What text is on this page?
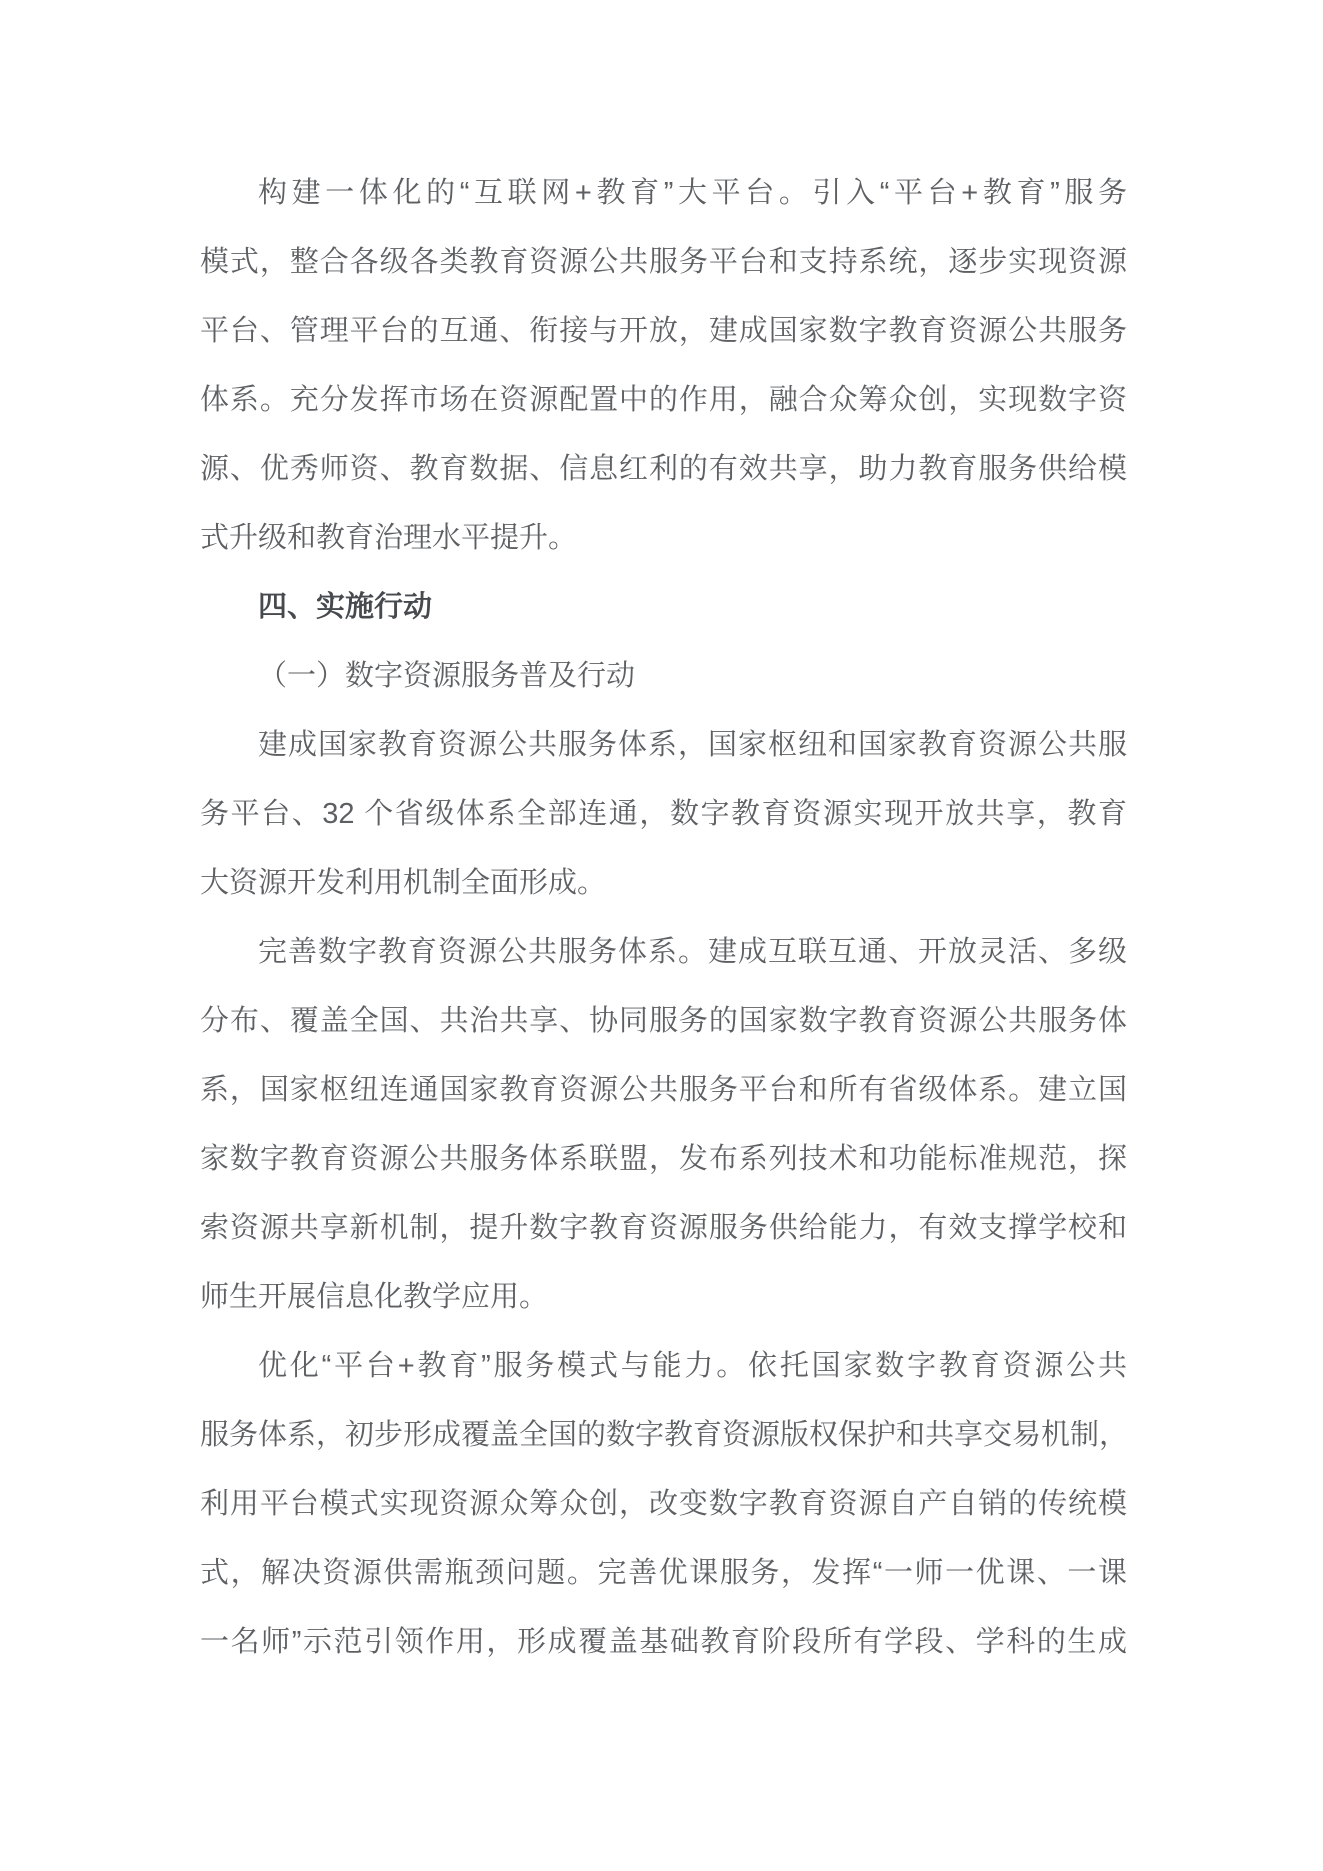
构建一体化的“互联网+教育”大平台。引入“平台+教育”服务
模式，整合各级各类教育资源公共服务平台和支持系统，逐步实现资源
平台、管理平台的互通、衔接与开放，建成国家数字教育资源公共服务
体系。充分发挥市场在资源配置中的作用，融合众筹众创，实现数字资
源、优秀师资、教育数据、信息红利的有效共享，助力教育服务供给模
式升级和教育治理水平提升。
四、实施行动
（一）数字资源服务普及行动
建成国家教育资源公共服务体系，国家枢纽和国家教育资源公共服
务平台、32 个省级体系全部连通，数字教育资源实现开放共享，教育
大资源开发利用机制全面形成。
完善数字教育资源公共服务体系。建成互联互通、开放灵活、多级
分布、覆盖全国、共治共享、协同服务的国家数字教育资源公共服务体
系，国家枢纽连通国家教育资源公共服务平台和所有省级体系。建立国
家数字教育资源公共服务体系联盟，发布系列技术和功能标准规范，探
索资源共享新机制，提升数字教育资源服务供给能力，有效支撑学校和
师生开展信息化教学应用。
优化“平台+教育”服务模式与能力。依托国家数字教育资源公共
服务体系，初步形成覆盖全国的数字教育资源版权保护和共享交易机制，
利用平台模式实现资源众筹众创，改变数字教育资源自产自销的传统模
式，解决资源供需瓶颈问题。完善优课服务，发挥“一师一优课、一课
一名师”示范引领作用，形成覆盖基础教育阶段所有学段、学科的生成
